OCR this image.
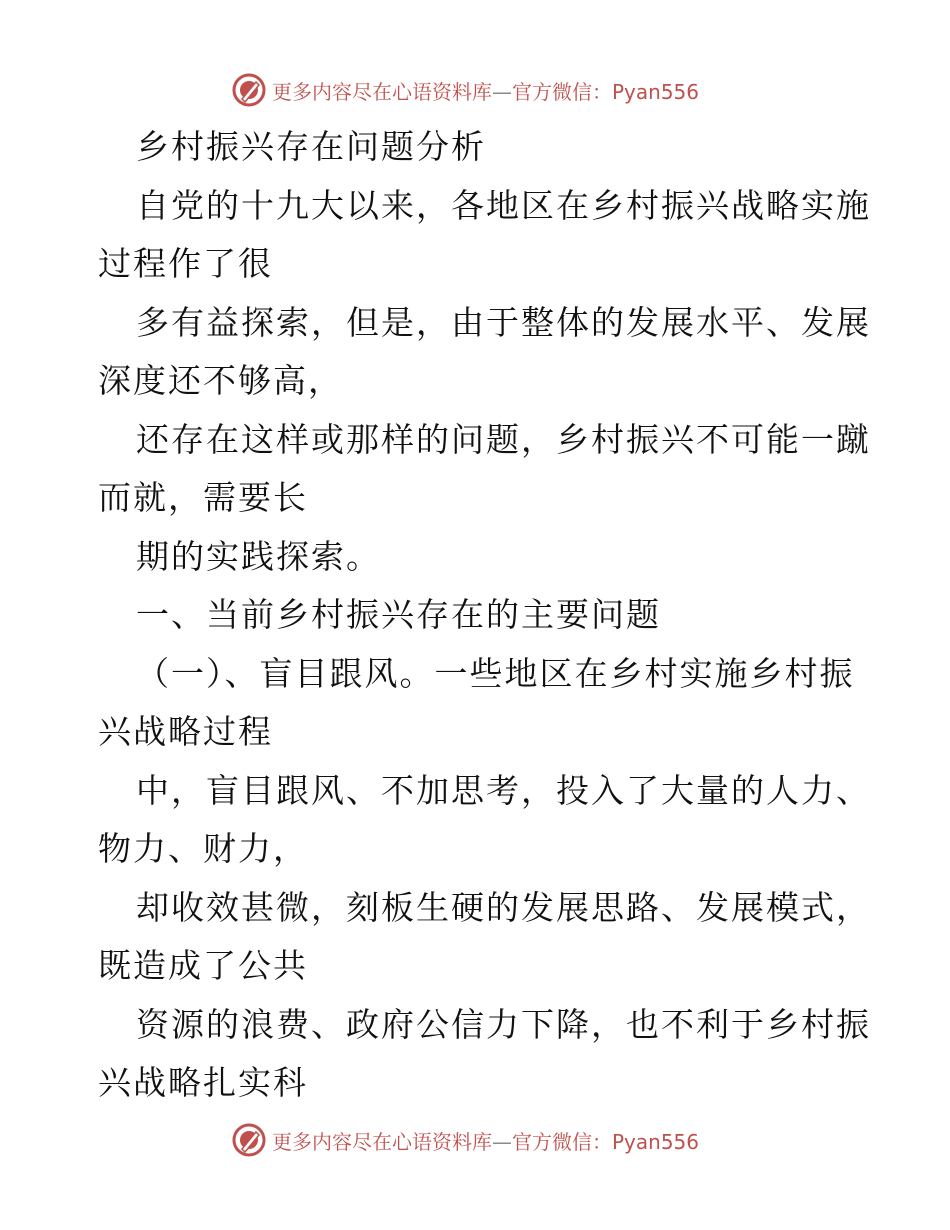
更多内容尽在心语资料库—官方微信：Pyan556
乡村振兴存在问题分析
自党的十九大以来，各地区在乡村振兴战略实施
过程作了很
多有益探索，但是，由于整体的发展水平、发展
深度还不够高，
还存在这样或那样的问题，乡村振兴不可能一蹴
而就，需要长
期的实践探索。
一、当前乡村振兴存在的主要问题
（一）、盲目跟风。一些地区在乡村实施乡村振
兴战略过程
中，盲目跟风、不加思考，投入了大量的人力、
物力、财力，
却收效甚微，刻板生硬的发展思路、发展模式，
既造成了公共
资源的浪费、政府公信力下降，也不利于乡村振
兴战略扎实科
更多内容尽在心语资料库—官方微信：Pyan556
